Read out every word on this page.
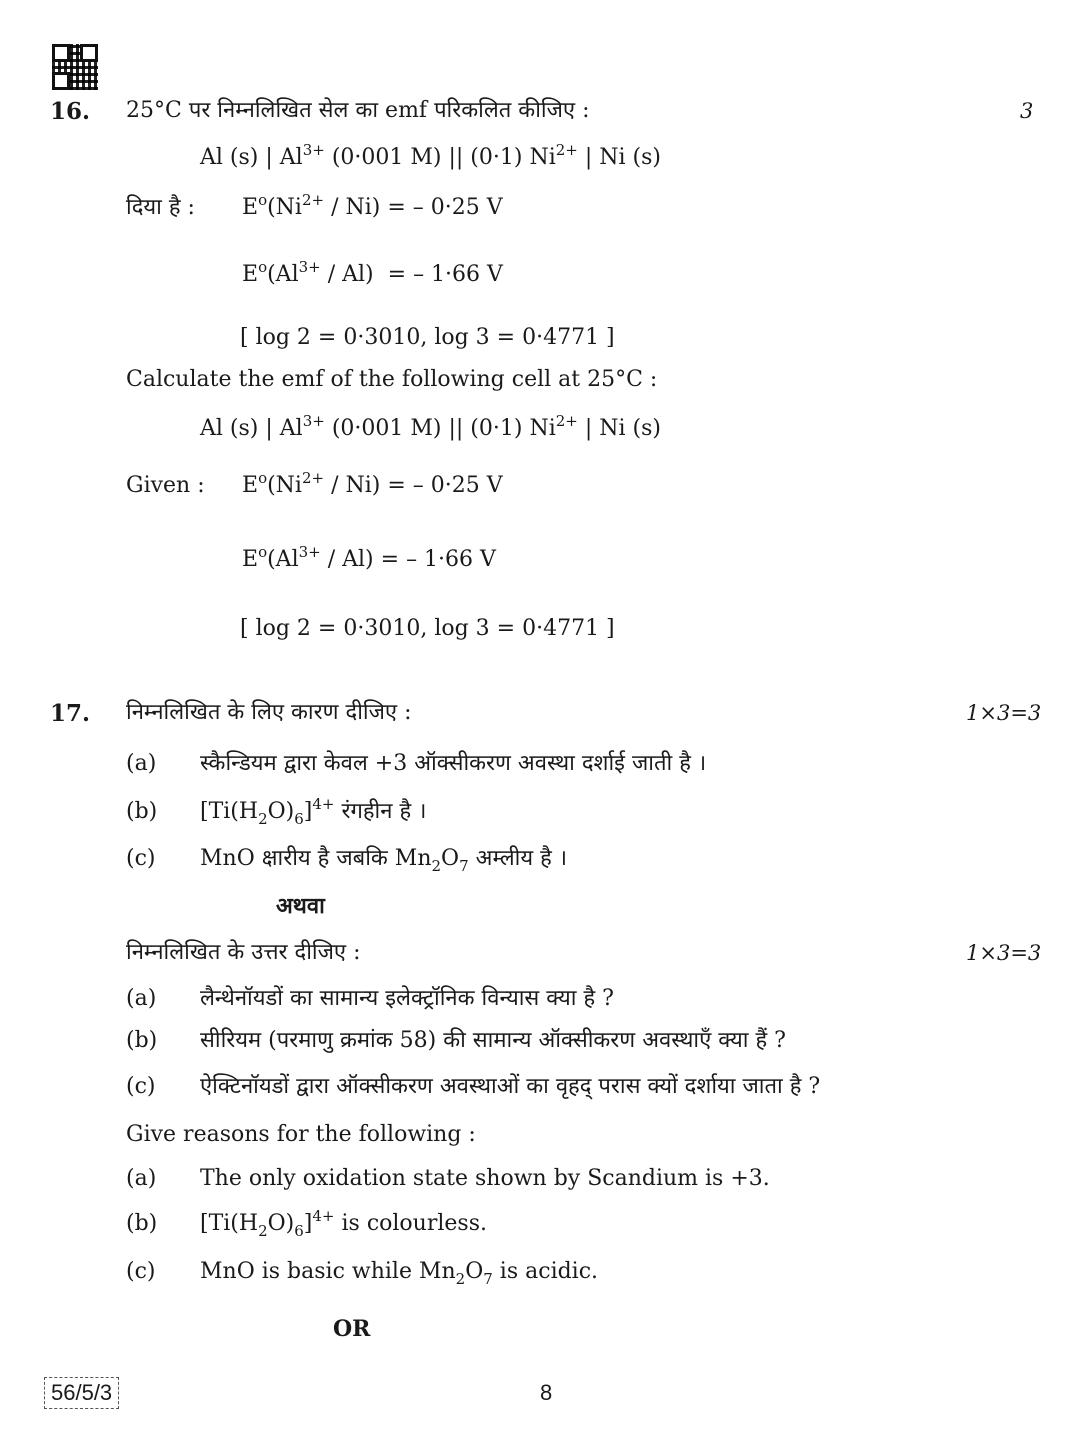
16. 25°C पर निम्नलिखित सेल का emf परिकलित कीजिए :	3
Al (s) | $Al^{3+}$ (0·001 M) || (0·1) $Ni^{2+}$ | Ni (s)
दिया है : $E^o(Ni^{2+} / Ni)$ = – 0·25 V
$E^o(Al^{3+} / Al)$ = – 1·66 V
[ log 2 = 0·3010, log 3 = 0·4771 ]
Calculate the emf of the following cell at 25°C :
Al (s) | $Al^{3+}$ (0·001 M) || (0·1) $Ni^{2+}$ | Ni (s)
Given : $E^o(Ni^{2+} / Ni)$ = – 0·25 V
$E^o(Al^{3+} / Al)$ = – 1·66 V
[ log 2 = 0·3010, log 3 = 0·4771 ]
17. निम्नलिखित के लिए कारण दीजिए :	1×3=3
(a) स्कैन्डियम द्वारा केवल +3 ऑक्सीकरण अवस्था दर्शाई जाती है ।
(b) $[Ti(H_2O)_6]^{4+}$ रंगहीन है ।
(c) MnO क्षारीय है जबकि $Mn_2O_7$ अम्लीय है ।
अथवा
निम्नलिखित के उत्तर दीजिए :	1×3=3
(a) लैन्थेनॉयडों का सामान्य इलेक्ट्रॉनिक विन्यास क्या है ?
(b) सीरियम (परमाणु क्रमांक 58) की सामान्य ऑक्सीकरण अवस्थाएँ क्या हैं ?
(c) ऐक्टिनॉयडों द्वारा ऑक्सीकरण अवस्थाओं का वृहद् परास क्यों दर्शाया जाता है ?
Give reasons for the following :
(a) The only oxidation state shown by Scandium is +3.
(b) $[Ti(H_2O)_6]^{4+}$ is colourless.
(c) MnO is basic while $Mn_2O_7$ is acidic.
OR
56/5/3	8
